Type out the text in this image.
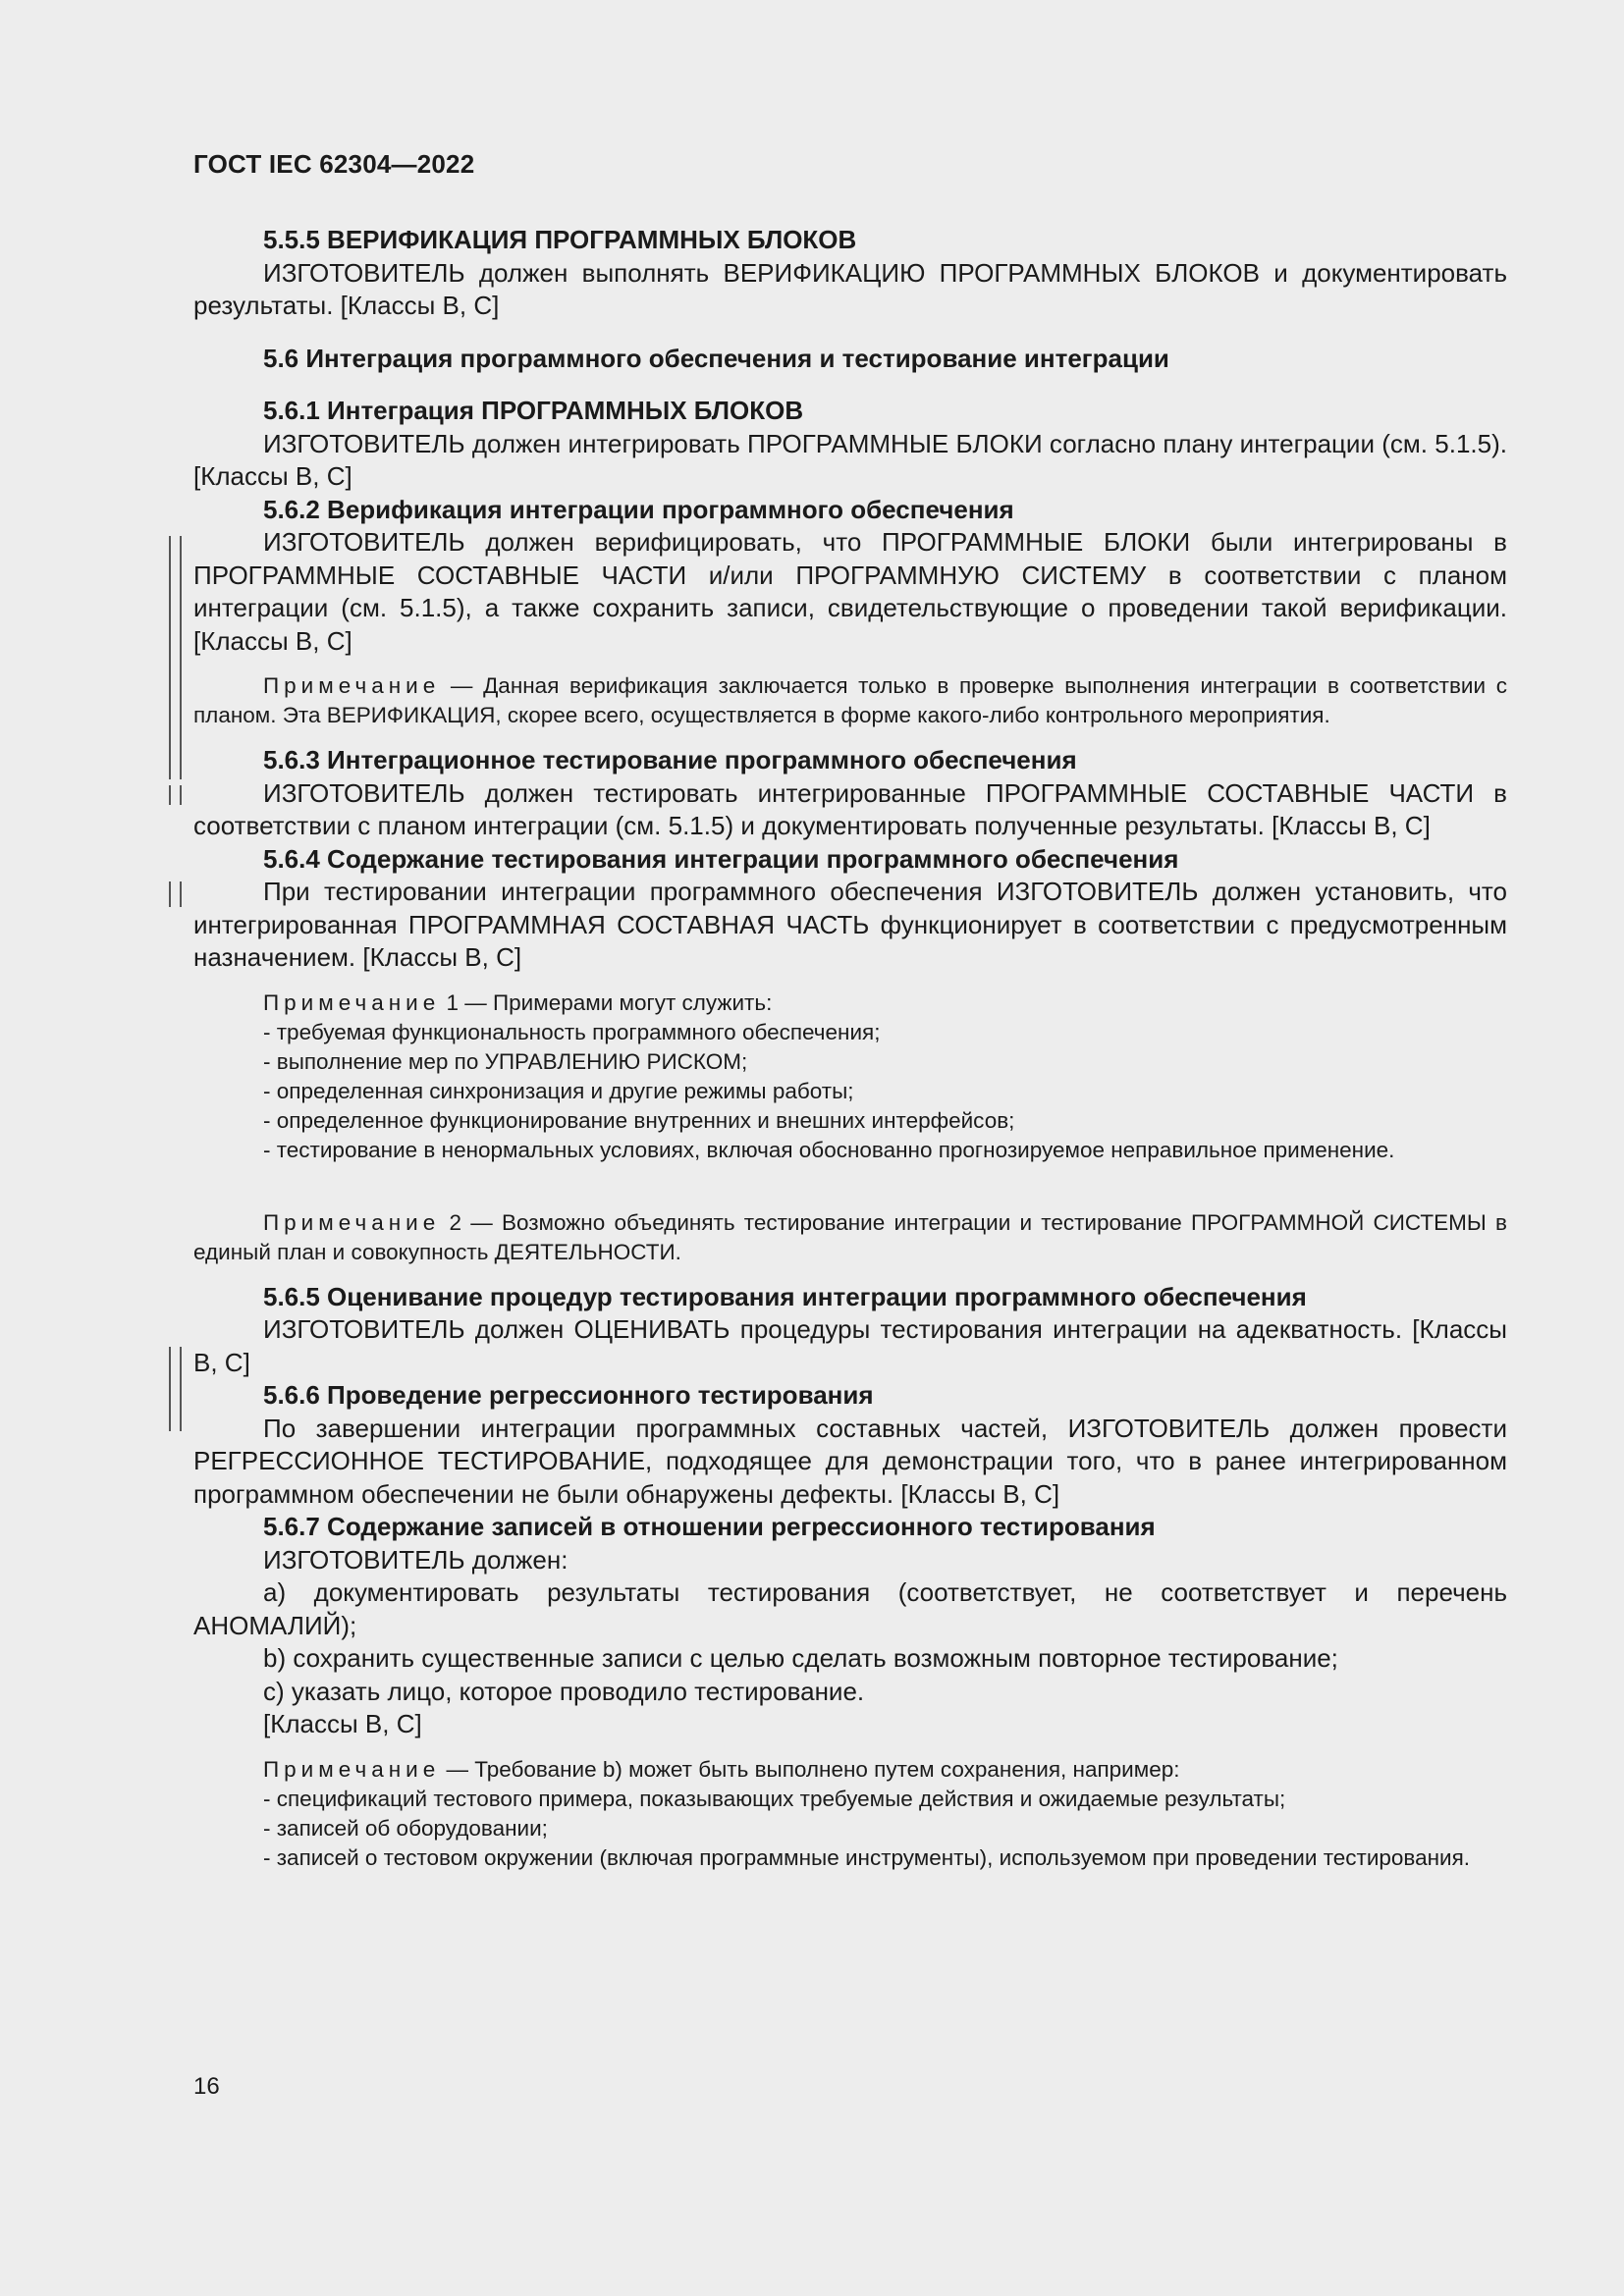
ГОСТ IEC 62304—2022

5.5.5 ВЕРИФИКАЦИЯ ПРОГРАММНЫХ БЛОКОВ

ИЗГОТОВИТЕЛЬ должен выполнять ВЕРИФИКАЦИЮ ПРОГРАММНЫХ БЛОКОВ и документировать результаты. [Классы В, С]

5.6 Интеграция программного обеспечения и тестирование интеграции

5.6.1 Интеграция ПРОГРАММНЫХ БЛОКОВ

ИЗГОТОВИТЕЛЬ должен интегрировать ПРОГРАММНЫЕ БЛОКИ согласно плану интеграции (см. 5.1.5). [Классы В, С]

5.6.2 Верификация интеграции программного обеспечения

ИЗГОТОВИТЕЛЬ должен верифицировать, что ПРОГРАММНЫЕ БЛОКИ были интегрированы в ПРОГРАММНЫЕ СОСТАВНЫЕ ЧАСТИ и/или ПРОГРАММНУЮ СИСТЕМУ в соответствии с планом интеграции (см. 5.1.5), а также сохранить записи, свидетельствующие о проведении такой верификации. [Классы В, С]

Примечание — Данная верификация заключается только в проверке выполнения интеграции в соответствии с планом. Эта ВЕРИФИКАЦИЯ, скорее всего, осуществляется в форме какого-либо контрольного мероприятия.

5.6.3 Интеграционное тестирование программного обеспечения

ИЗГОТОВИТЕЛЬ должен тестировать интегрированные ПРОГРАММНЫЕ СОСТАВНЫЕ ЧАСТИ в соответствии с планом интеграции (см. 5.1.5) и документировать полученные результаты. [Классы В, С]

5.6.4 Содержание тестирования интеграции программного обеспечения

При тестировании интеграции программного обеспечения ИЗГОТОВИТЕЛЬ должен установить, что интегрированная ПРОГРАММНАЯ СОСТАВНАЯ ЧАСТЬ функционирует в соответствии с предусмотренным назначением. [Классы В, С]

Примечание 1 — Примерами могут служить:

- требуемая функциональность программного обеспечения;

- выполнение мер по УПРАВЛЕНИЮ РИСКОМ;

- определенная синхронизация и другие режимы работы;

- определенное функционирование внутренних и внешних интерфейсов;

- тестирование в ненормальных условиях, включая обоснованно прогнозируемое неправильное применение.

Примечание 2 — Возможно объединять тестирование интеграции и тестирование ПРОГРАММНОЙ СИСТЕМЫ в единый план и совокупность ДЕЯТЕЛЬНОСТИ.

5.6.5 Оценивание процедур тестирования интеграции программного обеспечения

ИЗГОТОВИТЕЛЬ должен ОЦЕНИВАТЬ процедуры тестирования интеграции на адекватность. [Классы В, С]

5.6.6 Проведение регрессионного тестирования

По завершении интеграции программных составных частей, ИЗГОТОВИТЕЛЬ должен провести РЕГРЕССИОННОЕ ТЕСТИРОВАНИЕ, подходящее для демонстрации того, что в ранее интегрированном программном обеспечении не были обнаружены дефекты. [Классы В, С]

5.6.7 Содержание записей в отношении регрессионного тестирования

ИЗГОТОВИТЕЛЬ должен:

а) документировать результаты тестирования (соответствует, не соответствует и перечень АНОМАЛИЙ);

b) сохранить существенные записи с целью сделать возможным повторное тестирование;

с) указать лицо, которое проводило тестирование.

[Классы В, С]

Примечание — Требование b) может быть выполнено путем сохранения, например:

- спецификаций тестового примера, показывающих требуемые действия и ожидаемые результаты;

- записей об оборудовании;

- записей о тестовом окружении (включая программные инструменты), используемом при проведении тестирования.

16
